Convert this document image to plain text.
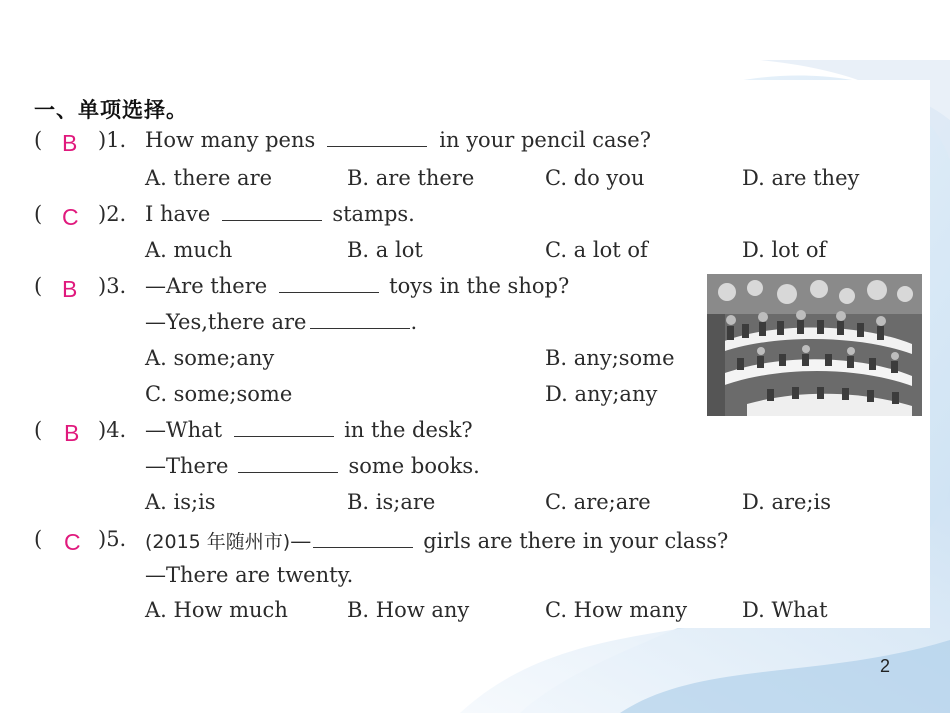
一、单项选择。
( B )1. How many pens	in your pencil case?
A. there are	B. are there	C. do you	D. are they
( C )2. I have	stamps.
A. much	B. a lot	C. a lot of	D. lot of
( B )3. —Are there	toys in the shop?
—Yes,there are	.
A. some;any	B. any;some
C. some;some	D. any;any
( B )4. —What	in the desk?
—There	some books.
A. is;is	B. is;are	C. are;are	D. are;is
( C )5. (2015 年随州市)—	girls are there in your class?
—There are twenty.
A. How much	B. How any	C. How many	D. What
2
